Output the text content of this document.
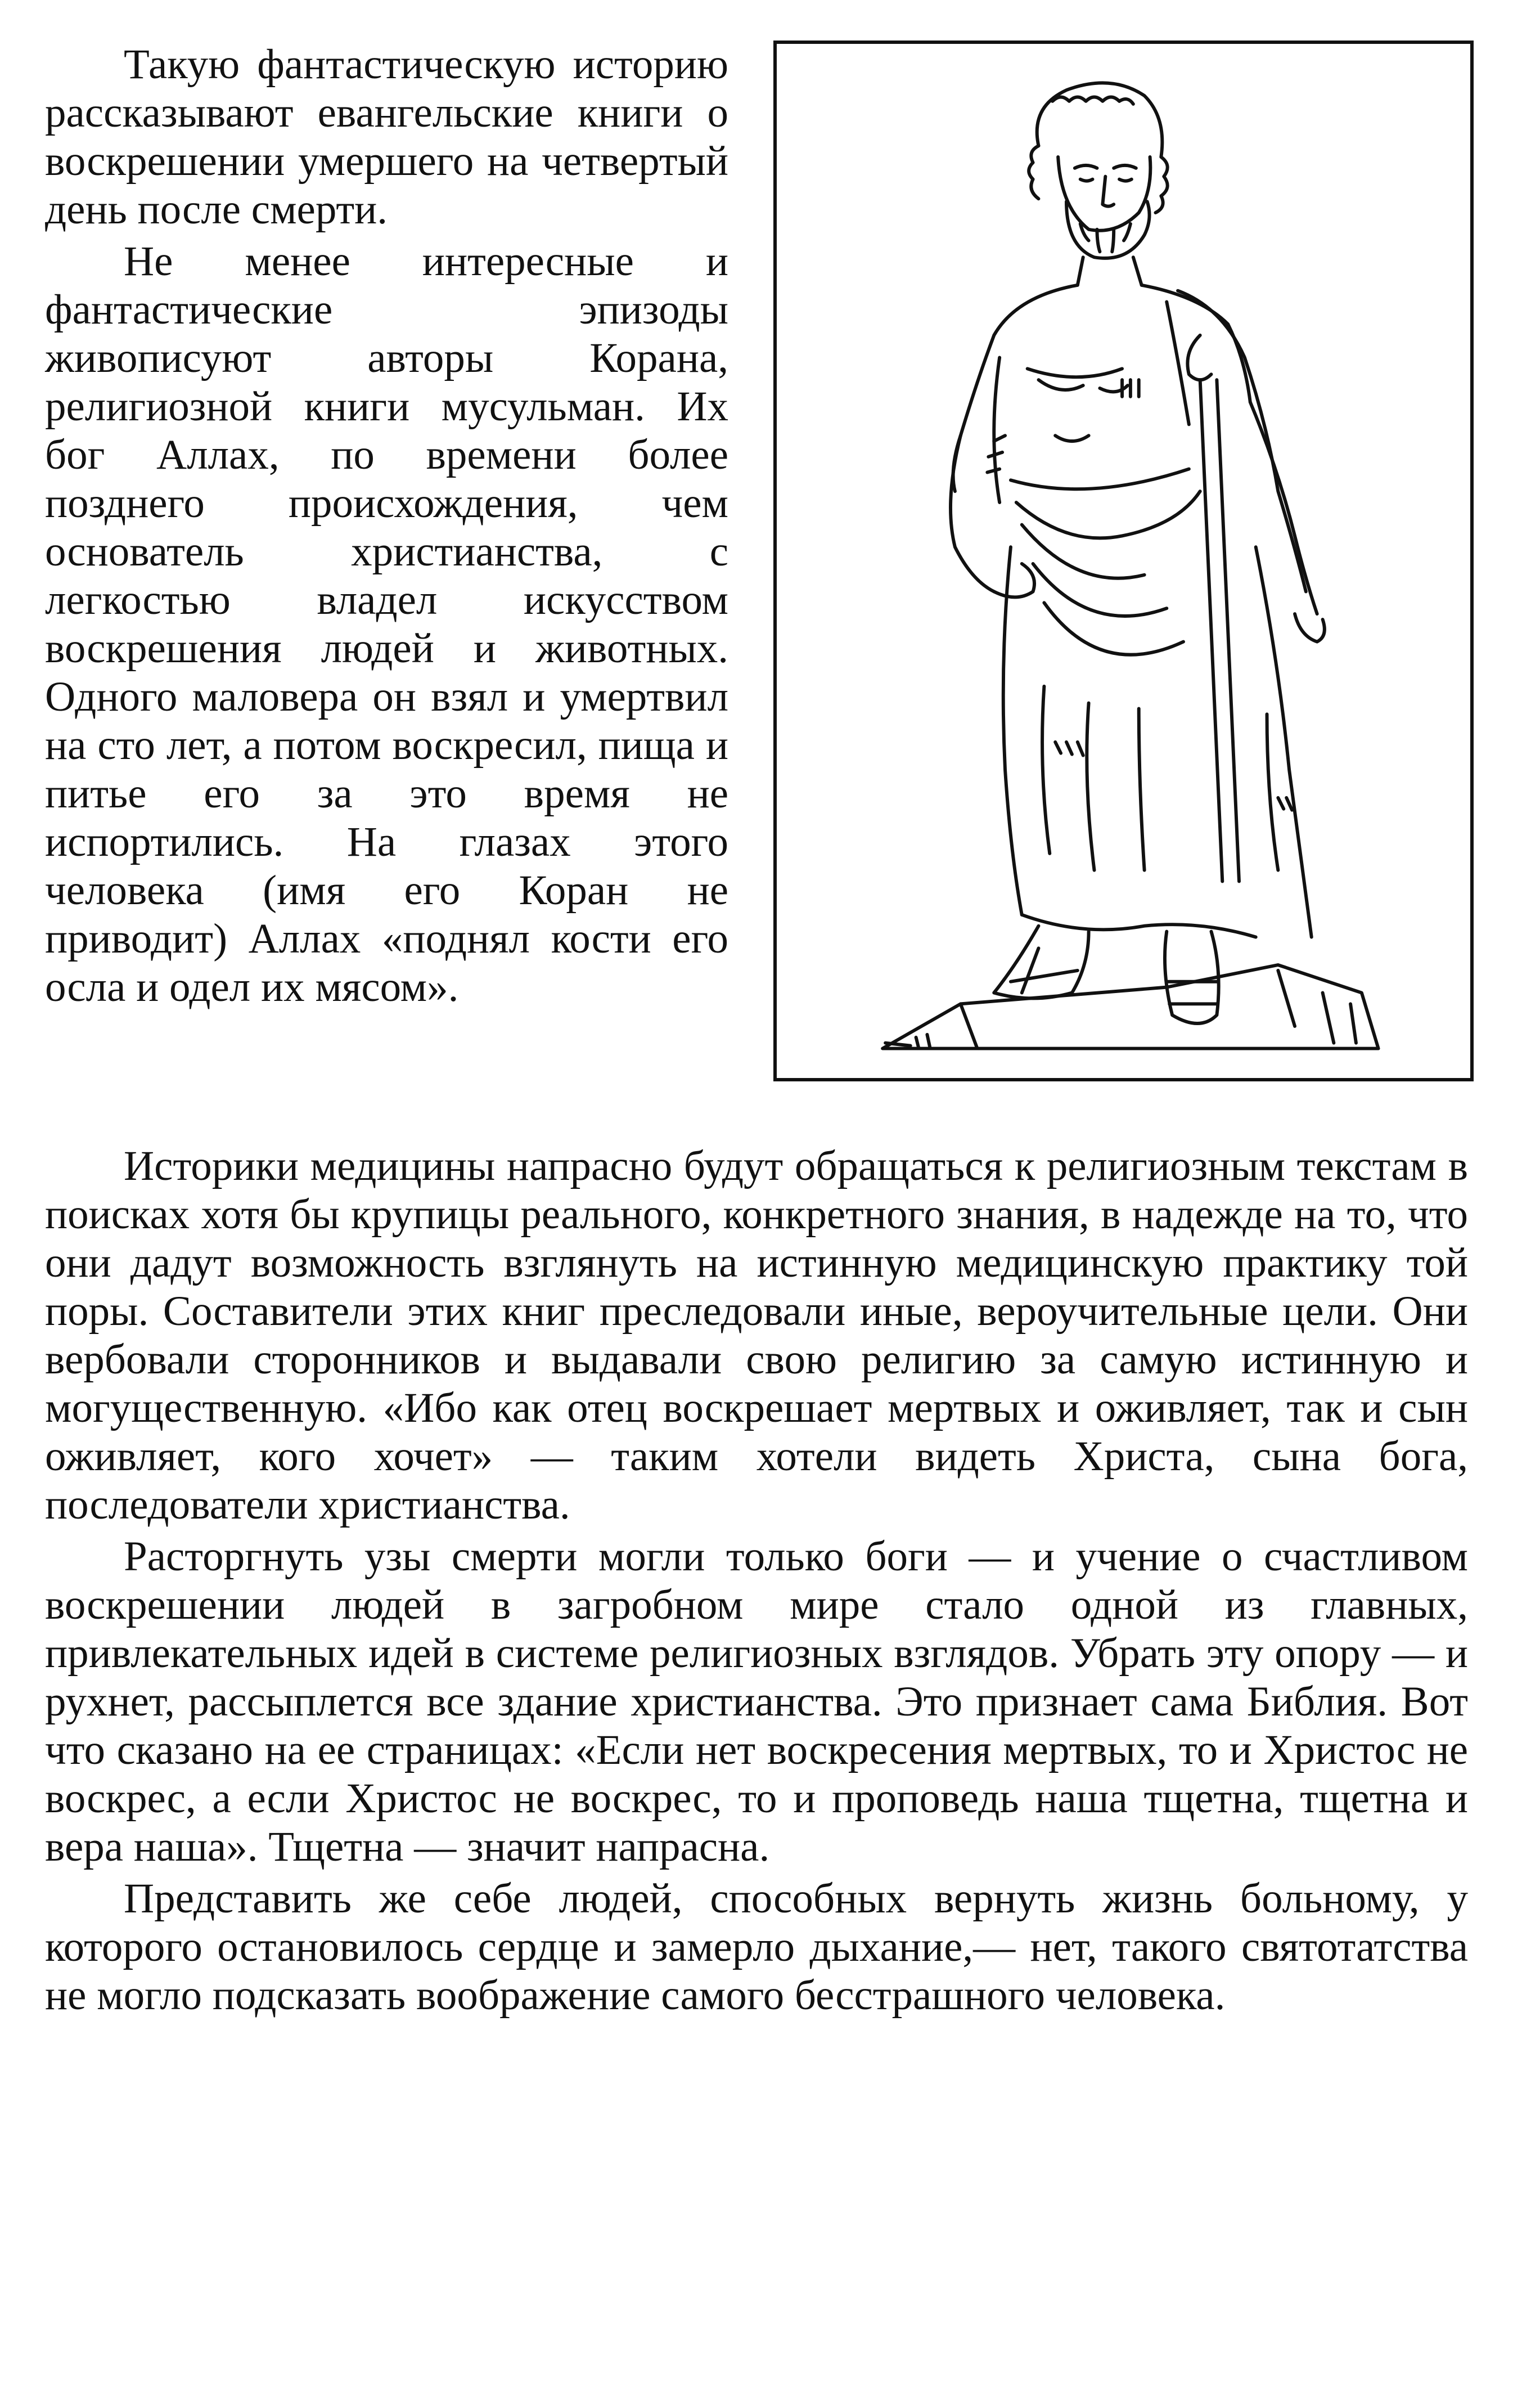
Такую фантастическую историю рассказывают евангельские книги о воскрешении умершего на четвертый день после смерти.

Не менее интересные и фантастические эпизоды живописуют авторы Корана, религиозной книги мусульман. Их бог Аллах, по времени более позднего происхождения, чем основатель христианства, с легкостью владел искусством воскрешения людей и животных. Одного маловера он взял и умертвил на сто лет, а потом воскресил, пища и питье его за это время не испортились. На глазах этого человека (имя его Коран не приводит) Аллах «поднял кости его осла и одел их мясом».

Историки медицины напрасно будут обращаться к религиозным текстам в поисках хотя бы крупицы реального, конкретного знания, в надежде на то, что они дадут возможность взглянуть на истинную медицинскую практику той поры. Составители этих книг преследовали иные, вероучительные цели. Они вербовали сторонников и выдавали свою религию за самую истинную и могущественную. «Ибо как отец воскрешает мертвых и оживляет, так и сын оживляет, кого хочет» — таким хотели видеть Христа, сына бога, последователи христианства.

Расторгнуть узы смерти могли только боги — и учение о счастливом воскрешении людей в загробном мире стало одной из главных, привлекательных идей в системе религиозных взглядов. Убрать эту опору — и рухнет, рассыплется все здание христианства. Это признает сама Библия. Вот что сказано на ее страницах: «Если нет воскресения мертвых, то и Христос не воскрес, а если Христос не воскрес, то и проповедь наша тщетна, тщетна и вера наша». Тщетна — значит напрасна.

Представить же себе людей, способных вернуть жизнь больному, у которого остановилось сердце и замерло дыхание,— нет, такого святотатства не могло подсказать воображение самого бесстрашного человека.
